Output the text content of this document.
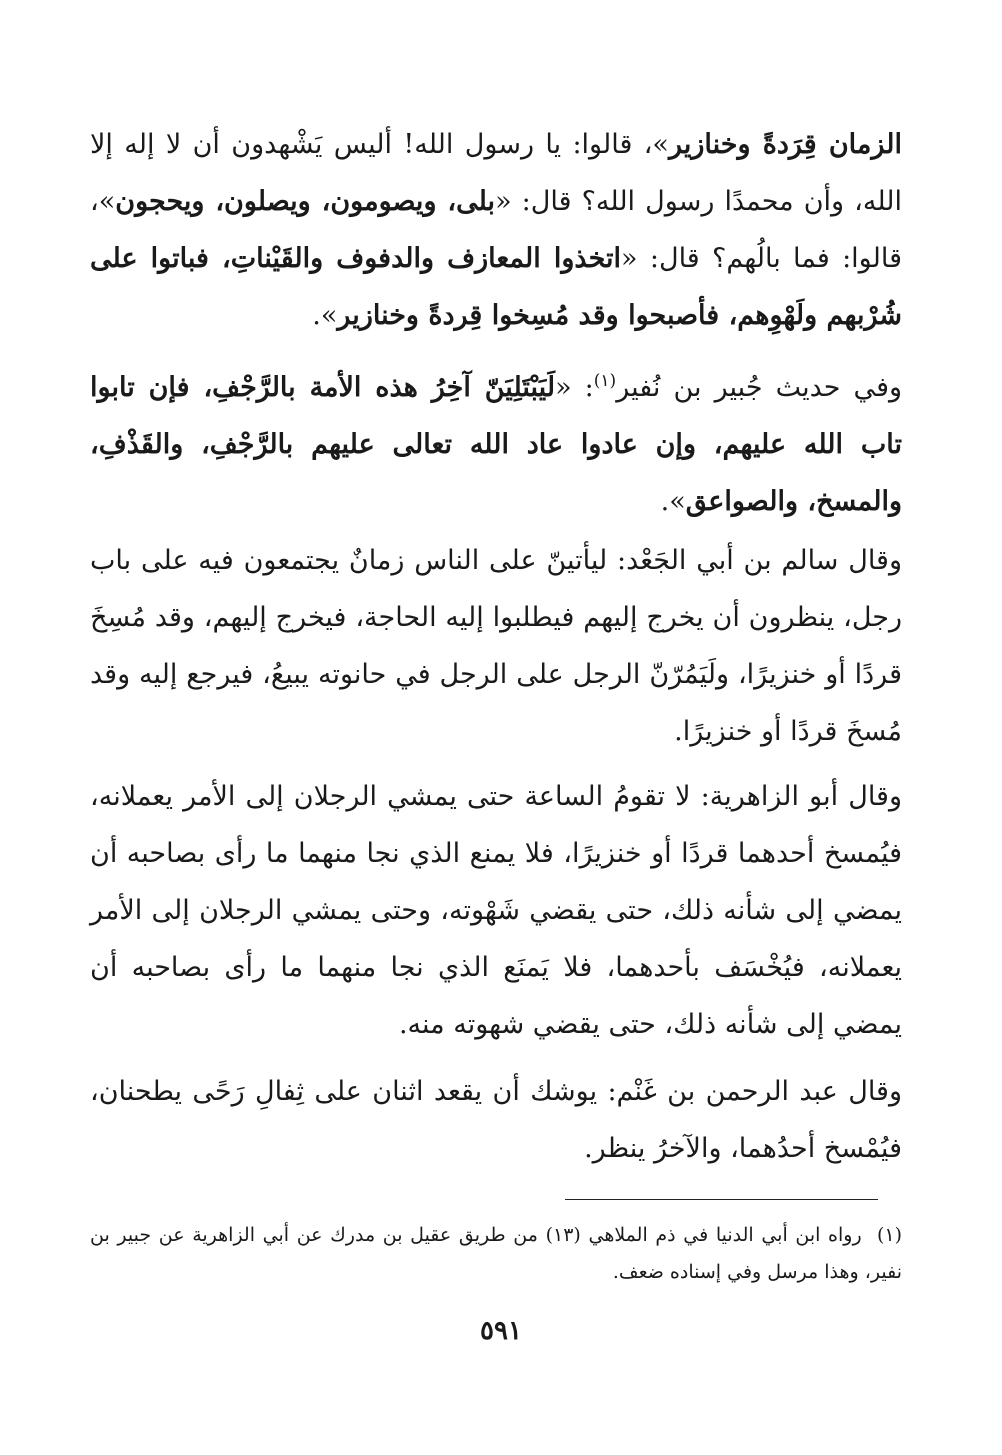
الزمان قِرَدةً وخنازير»، قالوا: يا رسول الله! أليس يَشْهدون أن لا إله إلا الله، وأن محمدًا رسول الله؟ قال: «بلى، ويصومون، ويصلون، ويحجون»، قالوا: فما بالُهم؟ قال: «اتخذوا المعازف والدفوف والقَيْناتِ، فباتوا على شُرْبهم ولَهْوِهم، فأصبحوا وقد مُسِخوا قِردةً وخنازير».
وفي حديث جُبير بن نُفير$^{(١)}$: «لَيَبْتَلِيَنّ آخِرُ هذه الأمة بالرَّجْفِ، فإن تابوا تاب الله عليهم، وإن عادوا عاد الله تعالى عليهم بالرَّجْفِ، والقَذْفِ، والمسخ، والصواعق».
وقال سالم بن أبي الجَعْد: ليأتينّ على الناس زمانٌ يجتمعون فيه على باب رجل، ينظرون أن يخرج إليهم فيطلبوا إليه الحاجة، فيخرج إليهم، وقد مُسِخَ قردًا أو خنزيرًا، ولَيَمُرّنّ الرجل على الرجل في حانوته يبيعُ، فيرجع إليه وقد مُسخَ قردًا أو خنزيرًا.
وقال أبو الزاهرية: لا تقومُ الساعة حتى يمشي الرجلان إلى الأمر يعملانه، فيُمسخ أحدهما قردًا أو خنزيرًا، فلا يمنع الذي نجا منهما ما رأى بصاحبه أن يمضي إلى شأنه ذلك، حتى يقضي شَهْوته، وحتى يمشي الرجلان إلى الأمر يعملانه، فيُخْسَف بأحدهما، فلا يَمنَع الذي نجا منهما ما رأى بصاحبه أن يمضي إلى شأنه ذلك، حتى يقضي شهوته منه.
وقال عبد الرحمن بن غَنْم: يوشك أن يقعد اثنان على ثِفالِ رَحًى يطحنان، فيُمْسخ أحدُهما، والآخرُ ينظر.
(١)  رواه ابن أبي الدنيا في ذم الملاهي (١٣) من طريق عقيل بن مدرك عن أبي الزاهرية عن جبير بن نفير، وهذا مرسل وفي إسناده ضعف.
٥٩١
